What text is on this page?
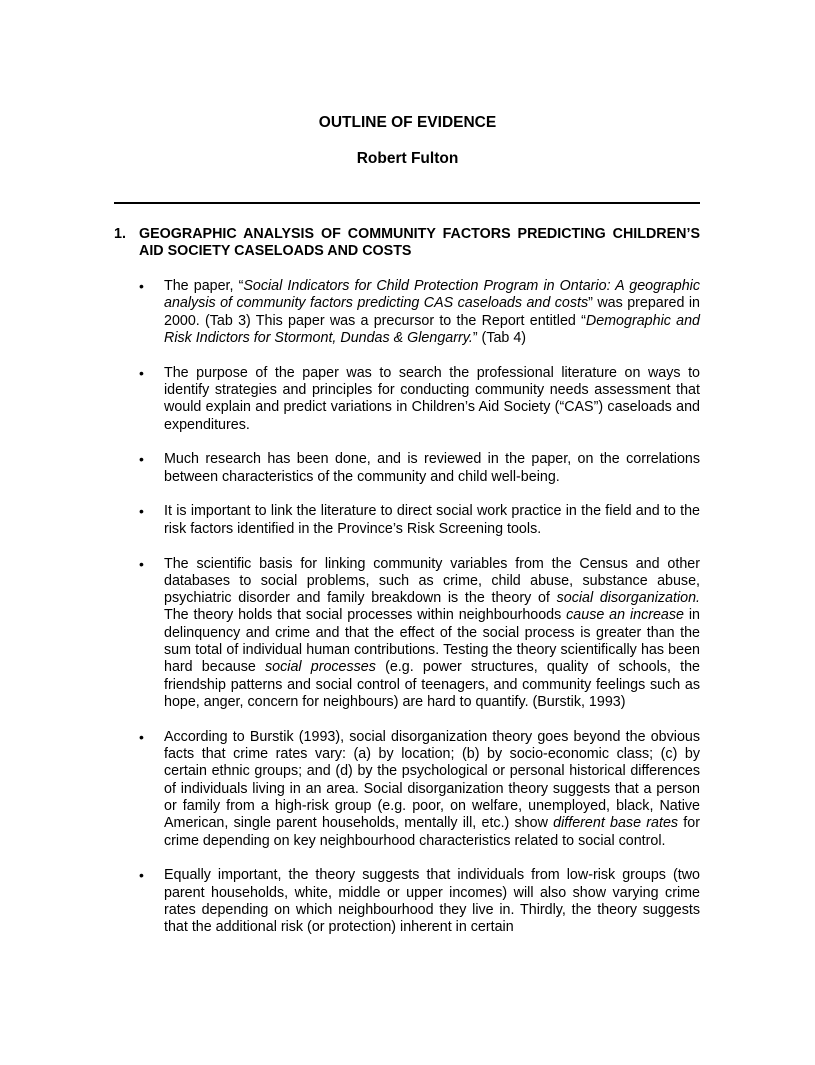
OUTLINE OF EVIDENCE
Robert Fulton
1. GEOGRAPHIC ANALYSIS OF COMMUNITY FACTORS PREDICTING CHILDREN’S AID SOCIETY CASELOADS AND COSTS
• The paper, “Social Indicators for Child Protection Program in Ontario: A geographic analysis of community factors predicting CAS caseloads and costs” was prepared in 2000. (Tab 3) This paper was a precursor to the Report entitled “Demographic and Risk Indictors for Stormont, Dundas & Glengarry.” (Tab 4)
• The purpose of the paper was to search the professional literature on ways to identify strategies and principles for conducting community needs assessment that would explain and predict variations in Children’s Aid Society (“CAS”) caseloads and expenditures.
• Much research has been done, and is reviewed in the paper, on the correlations between characteristics of the community and child well-being.
• It is important to link the literature to direct social work practice in the field and to the risk factors identified in the Province’s Risk Screening tools.
• The scientific basis for linking community variables from the Census and other databases to social problems, such as crime, child abuse, substance abuse, psychiatric disorder and family breakdown is the theory of social disorganization. The theory holds that social processes within neighbourhoods cause an increase in delinquency and crime and that the effect of the social process is greater than the sum total of individual human contributions. Testing the theory scientifically has been hard because social processes (e.g. power structures, quality of schools, the friendship patterns and social control of teenagers, and community feelings such as hope, anger, concern for neighbours) are hard to quantify. (Burstik, 1993)
• According to Burstik (1993), social disorganization theory goes beyond the obvious facts that crime rates vary: (a) by location; (b) by socio-economic class; (c) by certain ethnic groups; and (d) by the psychological or personal historical differences of individuals living in an area. Social disorganization theory suggests that a person or family from a high-risk group (e.g. poor, on welfare, unemployed, black, Native American, single parent households, mentally ill, etc.) show different base rates for crime depending on key neighbourhood characteristics related to social control.
• Equally important, the theory suggests that individuals from low-risk groups (two parent households, white, middle or upper incomes) will also show varying crime rates depending on which neighbourhood they live in. Thirdly, the theory suggests that the additional risk (or protection) inherent in certain
